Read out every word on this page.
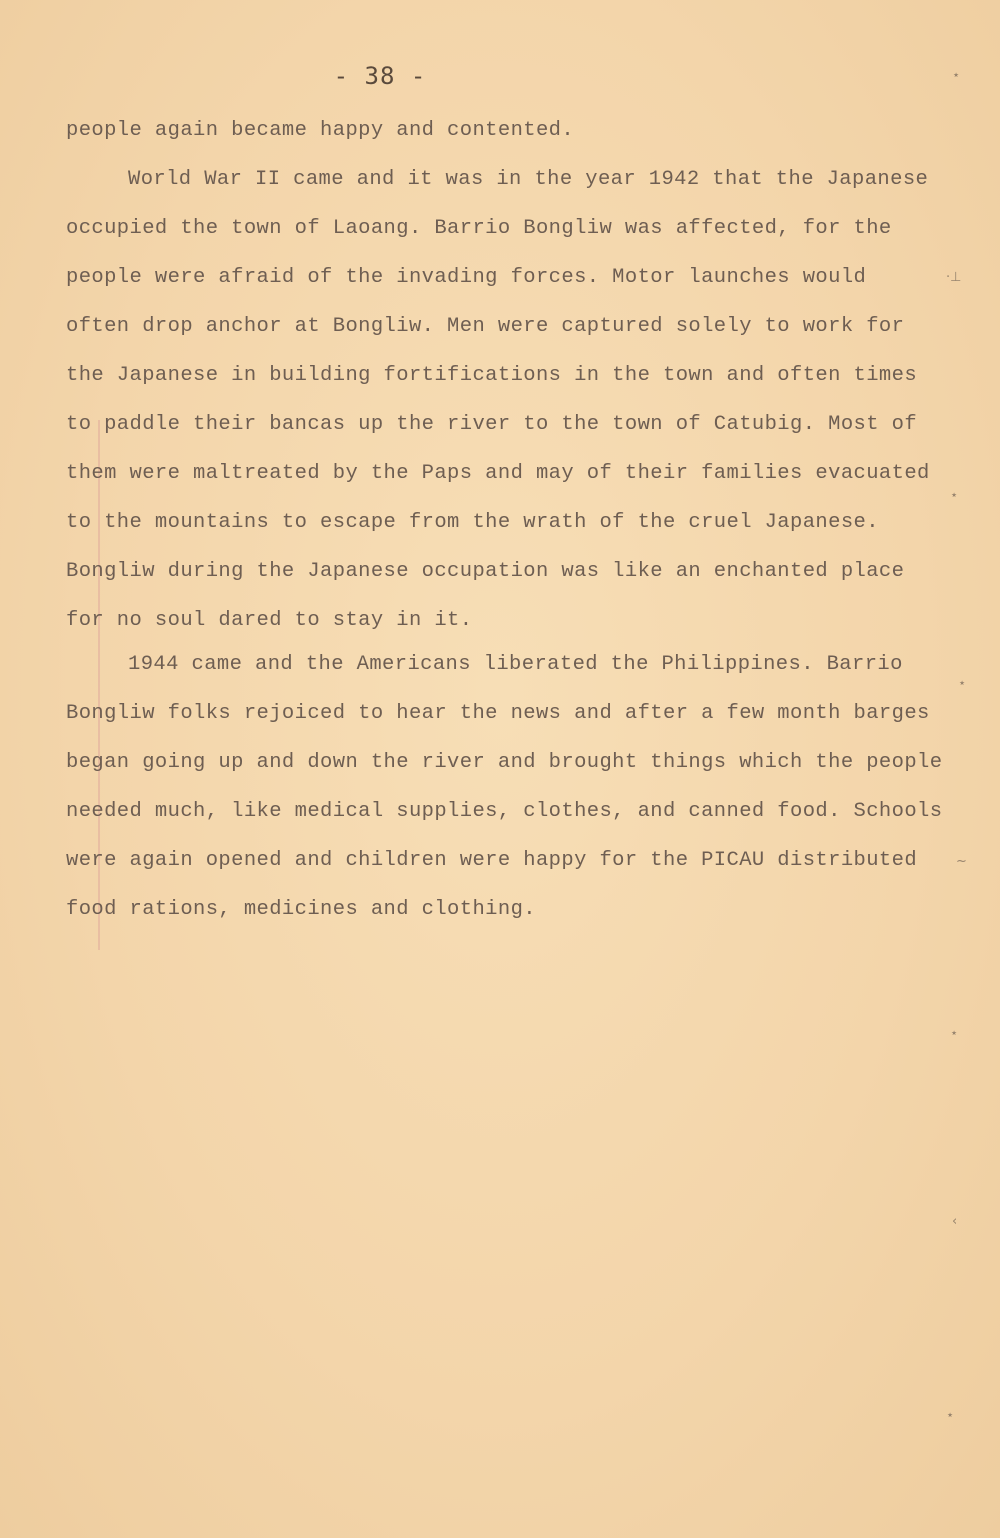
- 38 -
people again became happy and contented.
World War II came and it was in the year 1942 that the Japanese
occupied the town of Laoang. Barrio Bongliw was affected, for the
people were afraid of the invading forces. Motor launches would
often drop anchor at Bongliw. Men were captured solely to work for
the Japanese in building fortifications in the town and often times
to paddle their bancas up the river to the town of Catubig. Most of
them were maltreated by the Paps and may of their families evacuated
to the mountains to escape from the wrath of the cruel Japanese.
Bongliw during the Japanese occupation was like an enchanted place
for no soul dared to stay in it.
1944 came and the Americans liberated the Philippines. Barrio
Bongliw folks rejoiced to hear the news and after a few month barges
began going up and down the river and brought things which the people
needed much, like medical supplies, clothes, and canned food. Schools
were again opened and children were happy for the PICAU distributed
food rations, medicines and clothing.
⋆
·⊥
⋆
⋆
~
⋆
‹
⋆
